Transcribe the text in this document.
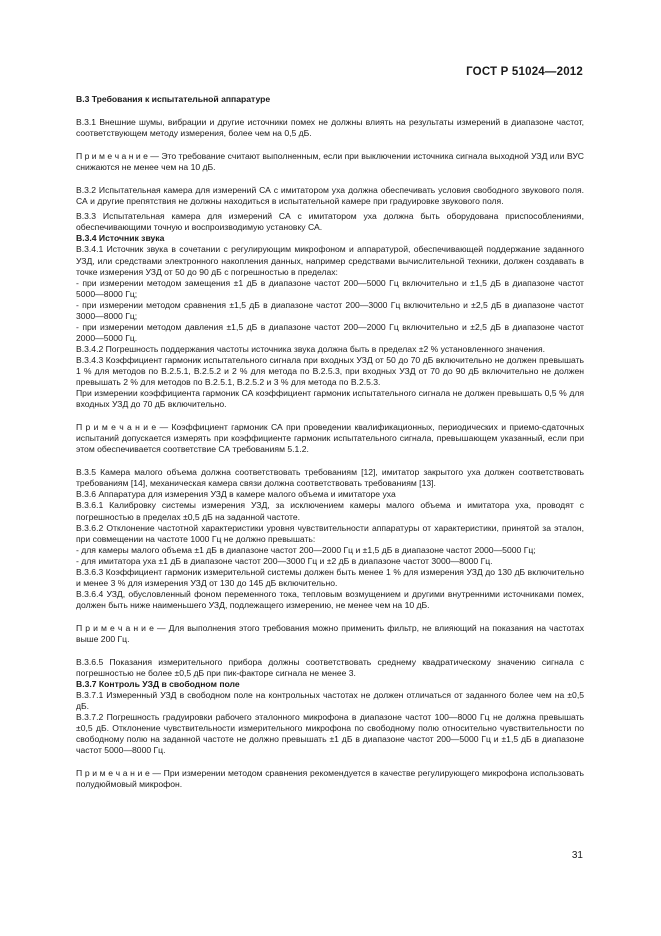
ГОСТ Р 51024—2012

B.3 Требования к испытательной аппаратуре

B.3.1 Внешние шумы, вибрации и другие источники помех не должны влиять на результаты измерений в диапазоне частот, соответствующем методу измерения, более чем на 0,5 дБ.

П р и м е ч а н и е — Это требование считают выполненным, если при выключении источника сигнала выходной УЗД или ВУС снижаются не менее чем на 10 дБ.

B.3.2 Испытательная камера для измерений СА с имитатором уха должна обеспечивать условия свободного звукового поля. СА и другие препятствия не должны находиться в испытательной камере при градуировке звукового поля.

B.3.3 Испытательная камера для измерений СА с имитатором уха должна быть оборудована приспособлениями, обеспечивающими точную и воспроизводимую установку СА.

B.3.4 Источник звука

B.3.4.1 Источник звука в сочетании с регулирующим микрофоном и аппаратурой, обеспечивающей поддержание заданного УЗД, или средствами электронного накопления данных, например средствами вычислительной техники, должен создавать в точке измерения УЗД от 50 до 90 дБ с погрешностью в пределах:

- при измерении методом замещения ±1 дБ в диапазоне частот 200—5000 Гц включительно и ±1,5 дБ в диапазоне частот 5000—8000 Гц;

- при измерении методом сравнения ±1,5 дБ в диапазоне частот 200—3000 Гц включительно и ±2,5 дБ в диапазоне частот 3000—8000 Гц;

- при измерении методом давления ±1,5 дБ в диапазоне частот 200—2000 Гц включительно и ±2,5 дБ в диапазоне частот 2000—5000 Гц.

B.3.4.2 Погрешность поддержания частоты источника звука должна быть в пределах ±2 % установленного значения.

B.3.4.3 Коэффициент гармоник испытательного сигнала при входных УЗД от 50 до 70 дБ включительно не должен превышать 1 % для методов по B.2.5.1, B.2.5.2 и 2 % для метода по B.2.5.3, при входных УЗД от 70 до 90 дБ включительно не должен превышать 2 % для методов по B.2.5.1, B.2.5.2 и 3 % для метода по B.2.5.3.

При измерении коэффициента гармоник СА коэффициент гармоник испытательного сигнала не должен превышать 0,5 % для входных УЗД до 70 дБ включительно.

П р и м е ч а н и е — Коэффициент гармоник СА при проведении квалификационных, периодических и приемо-сдаточных испытаний допускается измерять при коэффициенте гармоник испытательного сигнала, превышающем указанный, если при этом обеспечивается соответствие СА требованиям 5.1.2.

B.3.5 Камера малого объема должна соответствовать требованиям [12], имитатор закрытого уха должен соответствовать требованиям [14], механическая камера связи должна соответствовать требованиям [13].

B.3.6 Аппаратура для измерения УЗД в камере малого объема и имитаторе уха

B.3.6.1 Калибровку системы измерения УЗД, за исключением камеры малого объема и имитатора уха, проводят с погрешностью в пределах ±0,5 дБ на заданной частоте.

B.3.6.2 Отклонение частотной характеристики уровня чувствительности аппаратуры от характеристики, принятой за эталон, при совмещении на частоте 1000 Гц не должно превышать:

- для камеры малого объема ±1 дБ в диапазоне частот 200—2000 Гц и ±1,5 дБ в диапазоне частот 2000—5000 Гц;

- для имитатора уха ±1 дБ в диапазоне частот 200—3000 Гц и ±2 дБ в диапазоне частот 3000—8000 Гц.

B.3.6.3 Коэффициент гармоник измерительной системы должен быть менее 1 % для измерения УЗД до 130 дБ включительно и менее 3 % для измерения УЗД от 130 до 145 дБ включительно.

B.3.6.4 УЗД, обусловленный фоном переменного тока, тепловым возмущением и другими внутренними источниками помех, должен быть ниже наименьшего УЗД, подлежащего измерению, не менее чем на 10 дБ.

П р и м е ч а н и е — Для выполнения этого требования можно применить фильтр, не влияющий на показания на частотах выше 200 Гц.

B.3.6.5 Показания измерительного прибора должны соответствовать среднему квадратическому значению сигнала с погрешностью не более ±0,5 дБ при пик-факторе сигнала не менее 3.

B.3.7 Контроль УЗД в свободном поле

B.3.7.1 Измеренный УЗД в свободном поле на контрольных частотах не должен отличаться от заданного более чем на ±0,5 дБ.

B.3.7.2 Погрешность градуировки рабочего эталонного микрофона в диапазоне частот 100—8000 Гц не должна превышать ±0,5 дБ. Отклонение чувствительности измерительного микрофона по свободному полю относительно чувствительности по свободному полю на заданной частоте не должно превышать ±1 дБ в диапазоне частот 200—5000 Гц и ±1,5 дБ в диапазоне частот 5000—8000 Гц.

П р и м е ч а н и е — При измерении методом сравнения рекомендуется в качестве регулирующего микрофона использовать полудюймовый микрофон.

31
